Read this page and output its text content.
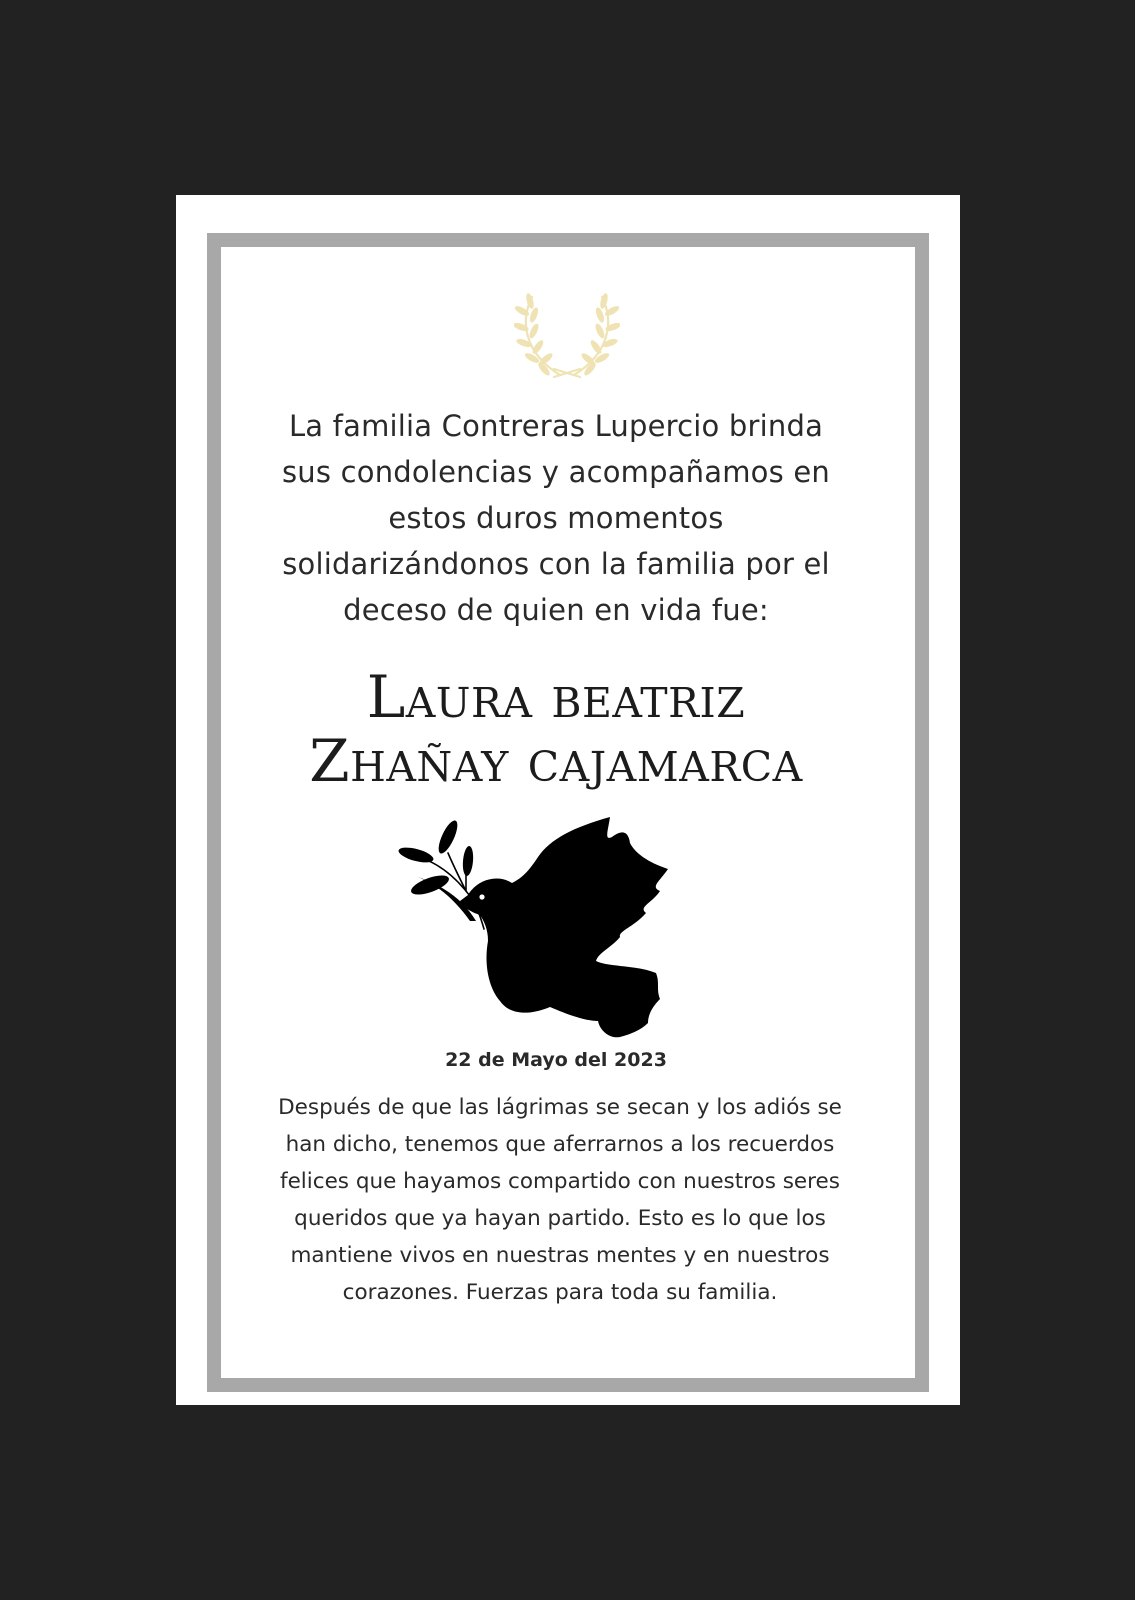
La familia Contreras Lupercio brinda sus condolencias y acompañamos en estos duros momentos solidarizándonos con la familia por el deceso de quien en vida fue:

Laura beatriz
Zhañay cajamarca
22 de Mayo del 2023

Después de que las lágrimas se secan y los adiós se han dicho, tenemos que aferrarnos a los recuerdos felices que hayamos compartido con nuestros seres queridos que ya hayan partido. Esto es lo que los mantiene vivos en nuestras mentes y en nuestros corazones. Fuerzas para toda su familia.
